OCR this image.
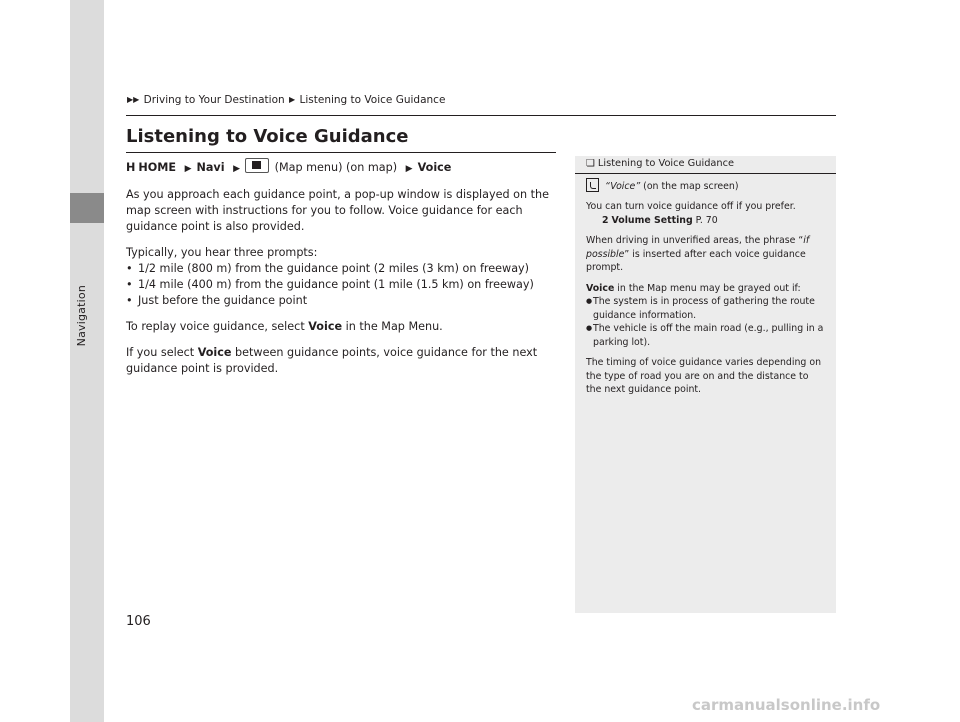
Navigation
▶▶ Driving to Your Destination ▶ Listening to Voice Guidance
Listening to Voice Guidance
H HOME ▶ Navi ▶	(Map menu) (on map) ▶ Voice

As you approach each guidance point, a pop-up window is displayed on the map screen with instructions for you to follow. Voice guidance for each guidance point is also provided.

Typically, you hear three prompts:

• 1/2 mile (800 m) from the guidance point (2 miles (3 km) on freeway)
• 1/4 mile (400 m) from the guidance point (1 mile (1.5 km) on freeway)
• Just before the guidance point

To replay voice guidance, select Voice in the Map Menu.

If you select Voice between guidance points, voice guidance for the next guidance point is provided.

❏ Listening to Voice Guidance

“Voice” (on the map screen)

You can turn voice guidance off if you prefer.

2 Volume Setting P. 70

When driving in unverified areas, the phrase “if possible” is inserted after each voice guidance prompt.

Voice in the Map menu may be grayed out if:

● The system is in process of gathering the route guidance information.
● The vehicle is off the main road (e.g., pulling in a parking lot).

The timing of voice guidance varies depending on the type of road you are on and the distance to the next guidance point.

106
carmanualsonline.info
